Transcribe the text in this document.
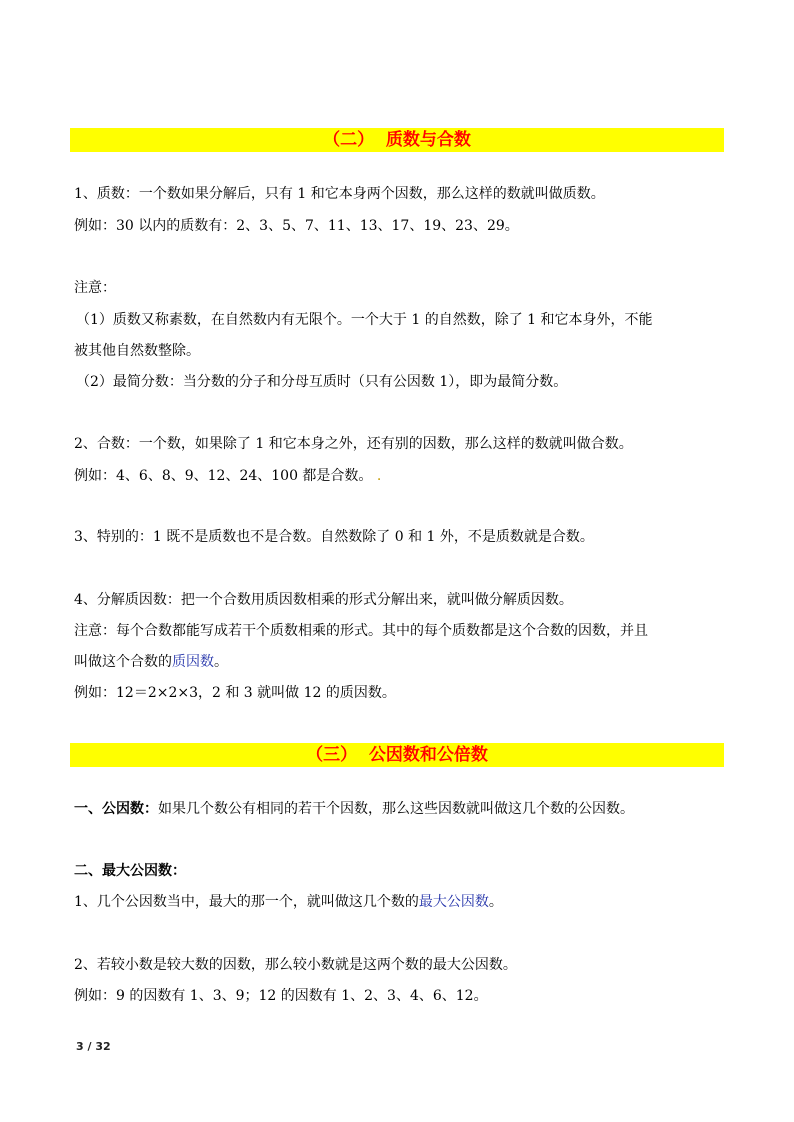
（二）  质数与合数
1、质数：一个数如果分解后，只有 1 和它本身两个因数，那么这样的数就叫做质数。
例如：30 以内的质数有：2、3、5、7、11、13、17、19、23、29。
注意：
（1）质数又称素数，在自然数内有无限个。一个大于 1 的自然数，除了 1 和它本身外，不能
被其他自然数整除。
（2）最简分数：当分数的分子和分母互质时（只有公因数 1），即为最简分数。
2、合数：一个数，如果除了 1 和它本身之外，还有别的因数，那么这样的数就叫做合数。
例如：4、6、8、9、12、24、100 都是合数。 .
3、特别的：1 既不是质数也不是合数。自然数除了 0 和 1 外，不是质数就是合数。
4、分解质因数：把一个合数用质因数相乘的形式分解出来，就叫做分解质因数。
注意：每个合数都能写成若干个质数相乘的形式。其中的每个质数都是这个合数的因数，并且
叫做这个合数的质因数。
例如：12＝2×2×3，2 和 3 就叫做 12 的质因数。
（三）  公因数和公倍数
一、公因数：如果几个数公有相同的若干个因数，那么这些因数就叫做这几个数的公因数。
二、最大公因数：
1、几个公因数当中，最大的那一个，就叫做这几个数的最大公因数。
2、若较小数是较大数的因数，那么较小数就是这两个数的最大公因数。
例如：9 的因数有 1、3、9；12 的因数有 1、2、3、4、6、12。
3 / 32
